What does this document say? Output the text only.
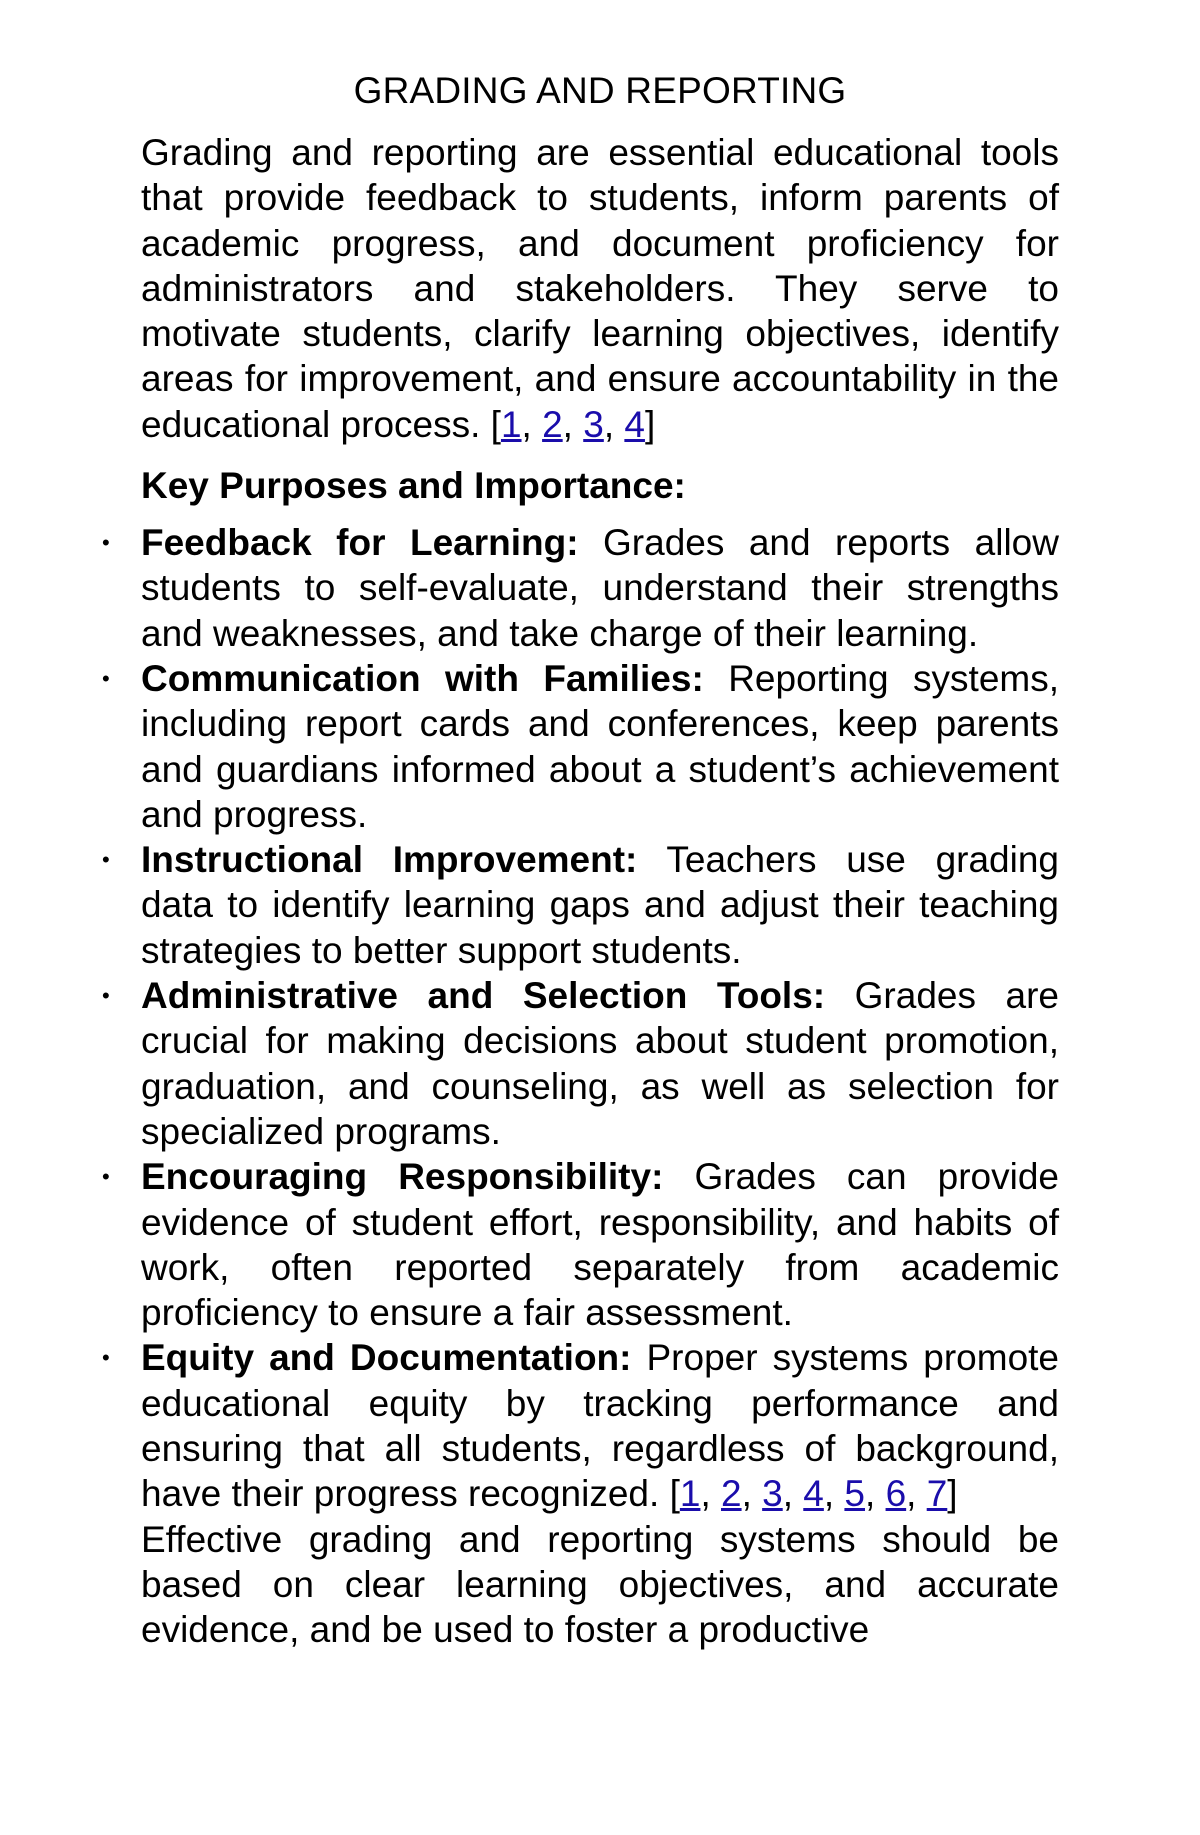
GRADING AND REPORTING

Grading and reporting are essential educational tools that provide feedback to students, inform parents of academic progress, and document proficiency for administrators and stakeholders. They serve to motivate students, clarify learning objectives, identify areas for improvement, and ensure accountability in the educational process. [1, 2, 3, 4]

Key Purposes and Importance:
• Feedback for Learning: Grades and reports allow students to self-evaluate, understand their strengths and weaknesses, and take charge of their learning.
• Communication with Families: Reporting systems, including report cards and conferences, keep parents and guardians informed about a student’s achievement and progress.
• Instructional Improvement: Teachers use grading data to identify learning gaps and adjust their teaching strategies to better support students.
• Administrative and Selection Tools: Grades are crucial for making decisions about student promotion, graduation, and counseling, as well as selection for specialized programs.
• Encouraging Responsibility: Grades can provide evidence of student effort, responsibility, and habits of work, often reported separately from academic proficiency to ensure a fair assessment.
• Equity and Documentation: Proper systems promote educational equity by tracking performance and ensuring that all students, regardless of background, have their progress recognized. [1, 2, 3, 4, 5, 6, 7]

Effective grading and reporting systems should be based on clear learning objectives, and accurate evidence, and be used to foster a productive
